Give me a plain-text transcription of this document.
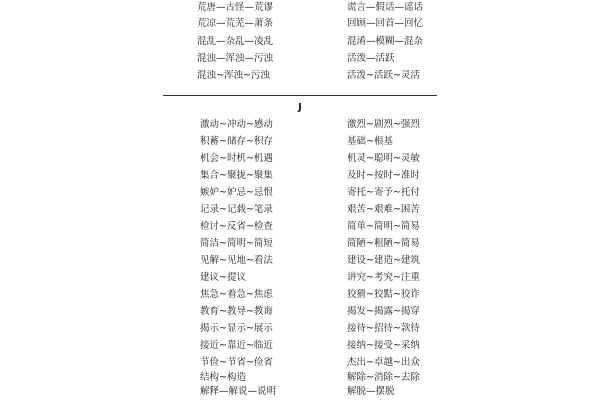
荒唐—古怪—荒谬	谎言—假话—谣话
荒凉—荒芜—萧条	回顾—回首—回忆
混乱—杂乱—凌乱	混淆—模糊—混杂
混浊—浑浊—污浊	活泼—活跃
混浊~浑浊~污浊	活泼~活跃~灵活
J
激动~冲动~感动	激烈~剧烈~强烈
积蓄~储存~积存	基础~根基
机会~时机~机遇	机灵~聪明~灵敏
集合~聚拢~聚集	及时~按时~准时
嫉妒~妒忌~忌恨	寄托~寄予~托付
记录~记载~笔录	艰苦~艰难~困苦
检讨~反省~检查	简单~简明~简易
简洁~简明~简短	简陋~粗陋~简易
见解~见地~看法	建设~建造~建筑
建议~提议	讲究~考究~注重
焦急~着急~焦虑	狡猾~狡黠~狡诈
教育~教导~教诲	揭发~揭露~揭穿
揭示~显示~展示	接待~招待~款待
接近~靠近~临近	接纳~接受~采纳
节俭~节省~俭省	杰出~卓越~出众
结构~构造	解除~消除~去除
解释—解说—说明	解脱—摆脱
